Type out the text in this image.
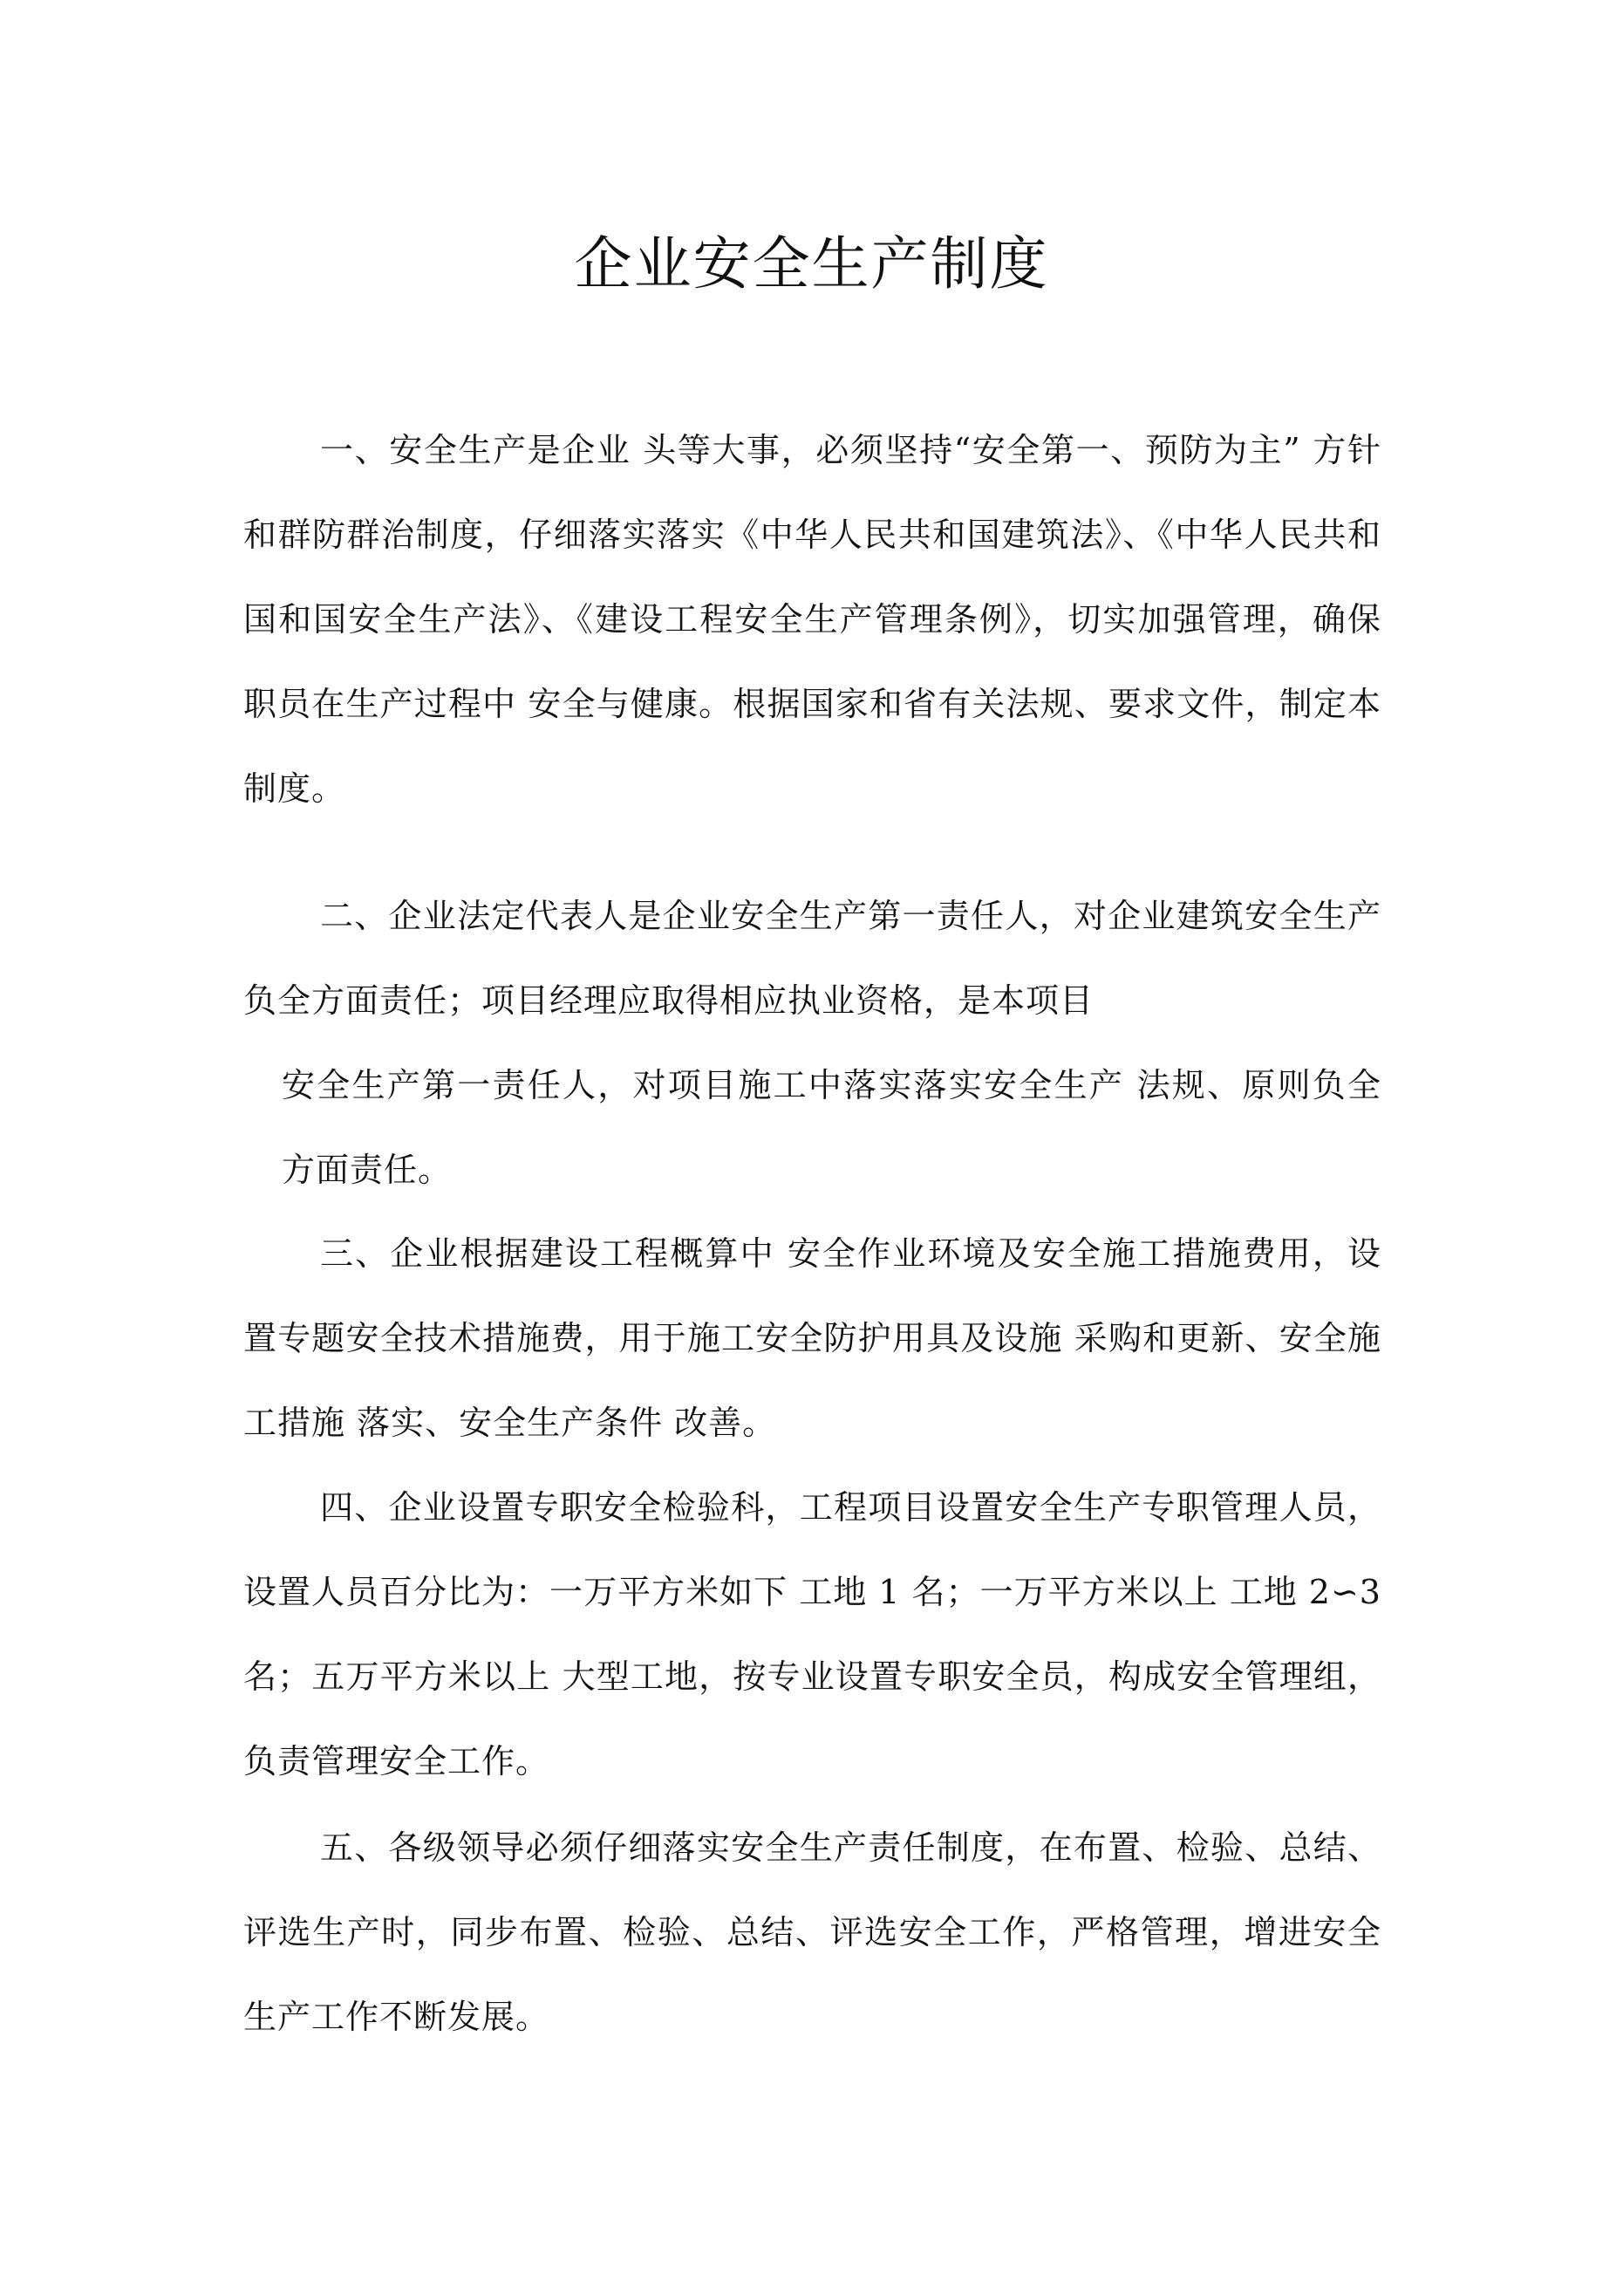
企业安全生产制度

一、安全生产是企业 头等大事，必须坚持“安全第一、预防为主” 方针和群防群治制度，仔细落实落实《中华人民共和国建筑法》、《中华人民共和国和国安全生产法》、《建设工程安全生产管理条例》，切实加强管理，确保职员在生产过程中 安全与健康。根据国家和省有关法规、要求文件，制定本制度。

二、企业法定代表人是企业安全生产第一责任人，对企业建筑安全生产负全方面责任；项目经理应取得相应执业资格，是本项目

安全生产第一责任人，对项目施工中落实落实安全生产 法规、原则负全方面责任。

三、企业根据建设工程概算中 安全作业环境及安全施工措施费用，设置专题安全技术措施费，用于施工安全防护用具及设施 采购和更新、安全施工措施 落实、安全生产条件 改善。

四、企业设置专职安全检验科，工程项目设置安全生产专职管理人员，设置人员百分比为：一万平方米如下 工地 1 名；一万平方米以上 工地 2∽3 名；五万平方米以上 大型工地，按专业设置专职安全员，构成安全管理组，负责管理安全工作。

五、各级领导必须仔细落实安全生产责任制度，在布置、检验、总结、评选生产时，同步布置、检验、总结、评选安全工作，严格管理，增进安全生产工作不断发展。
